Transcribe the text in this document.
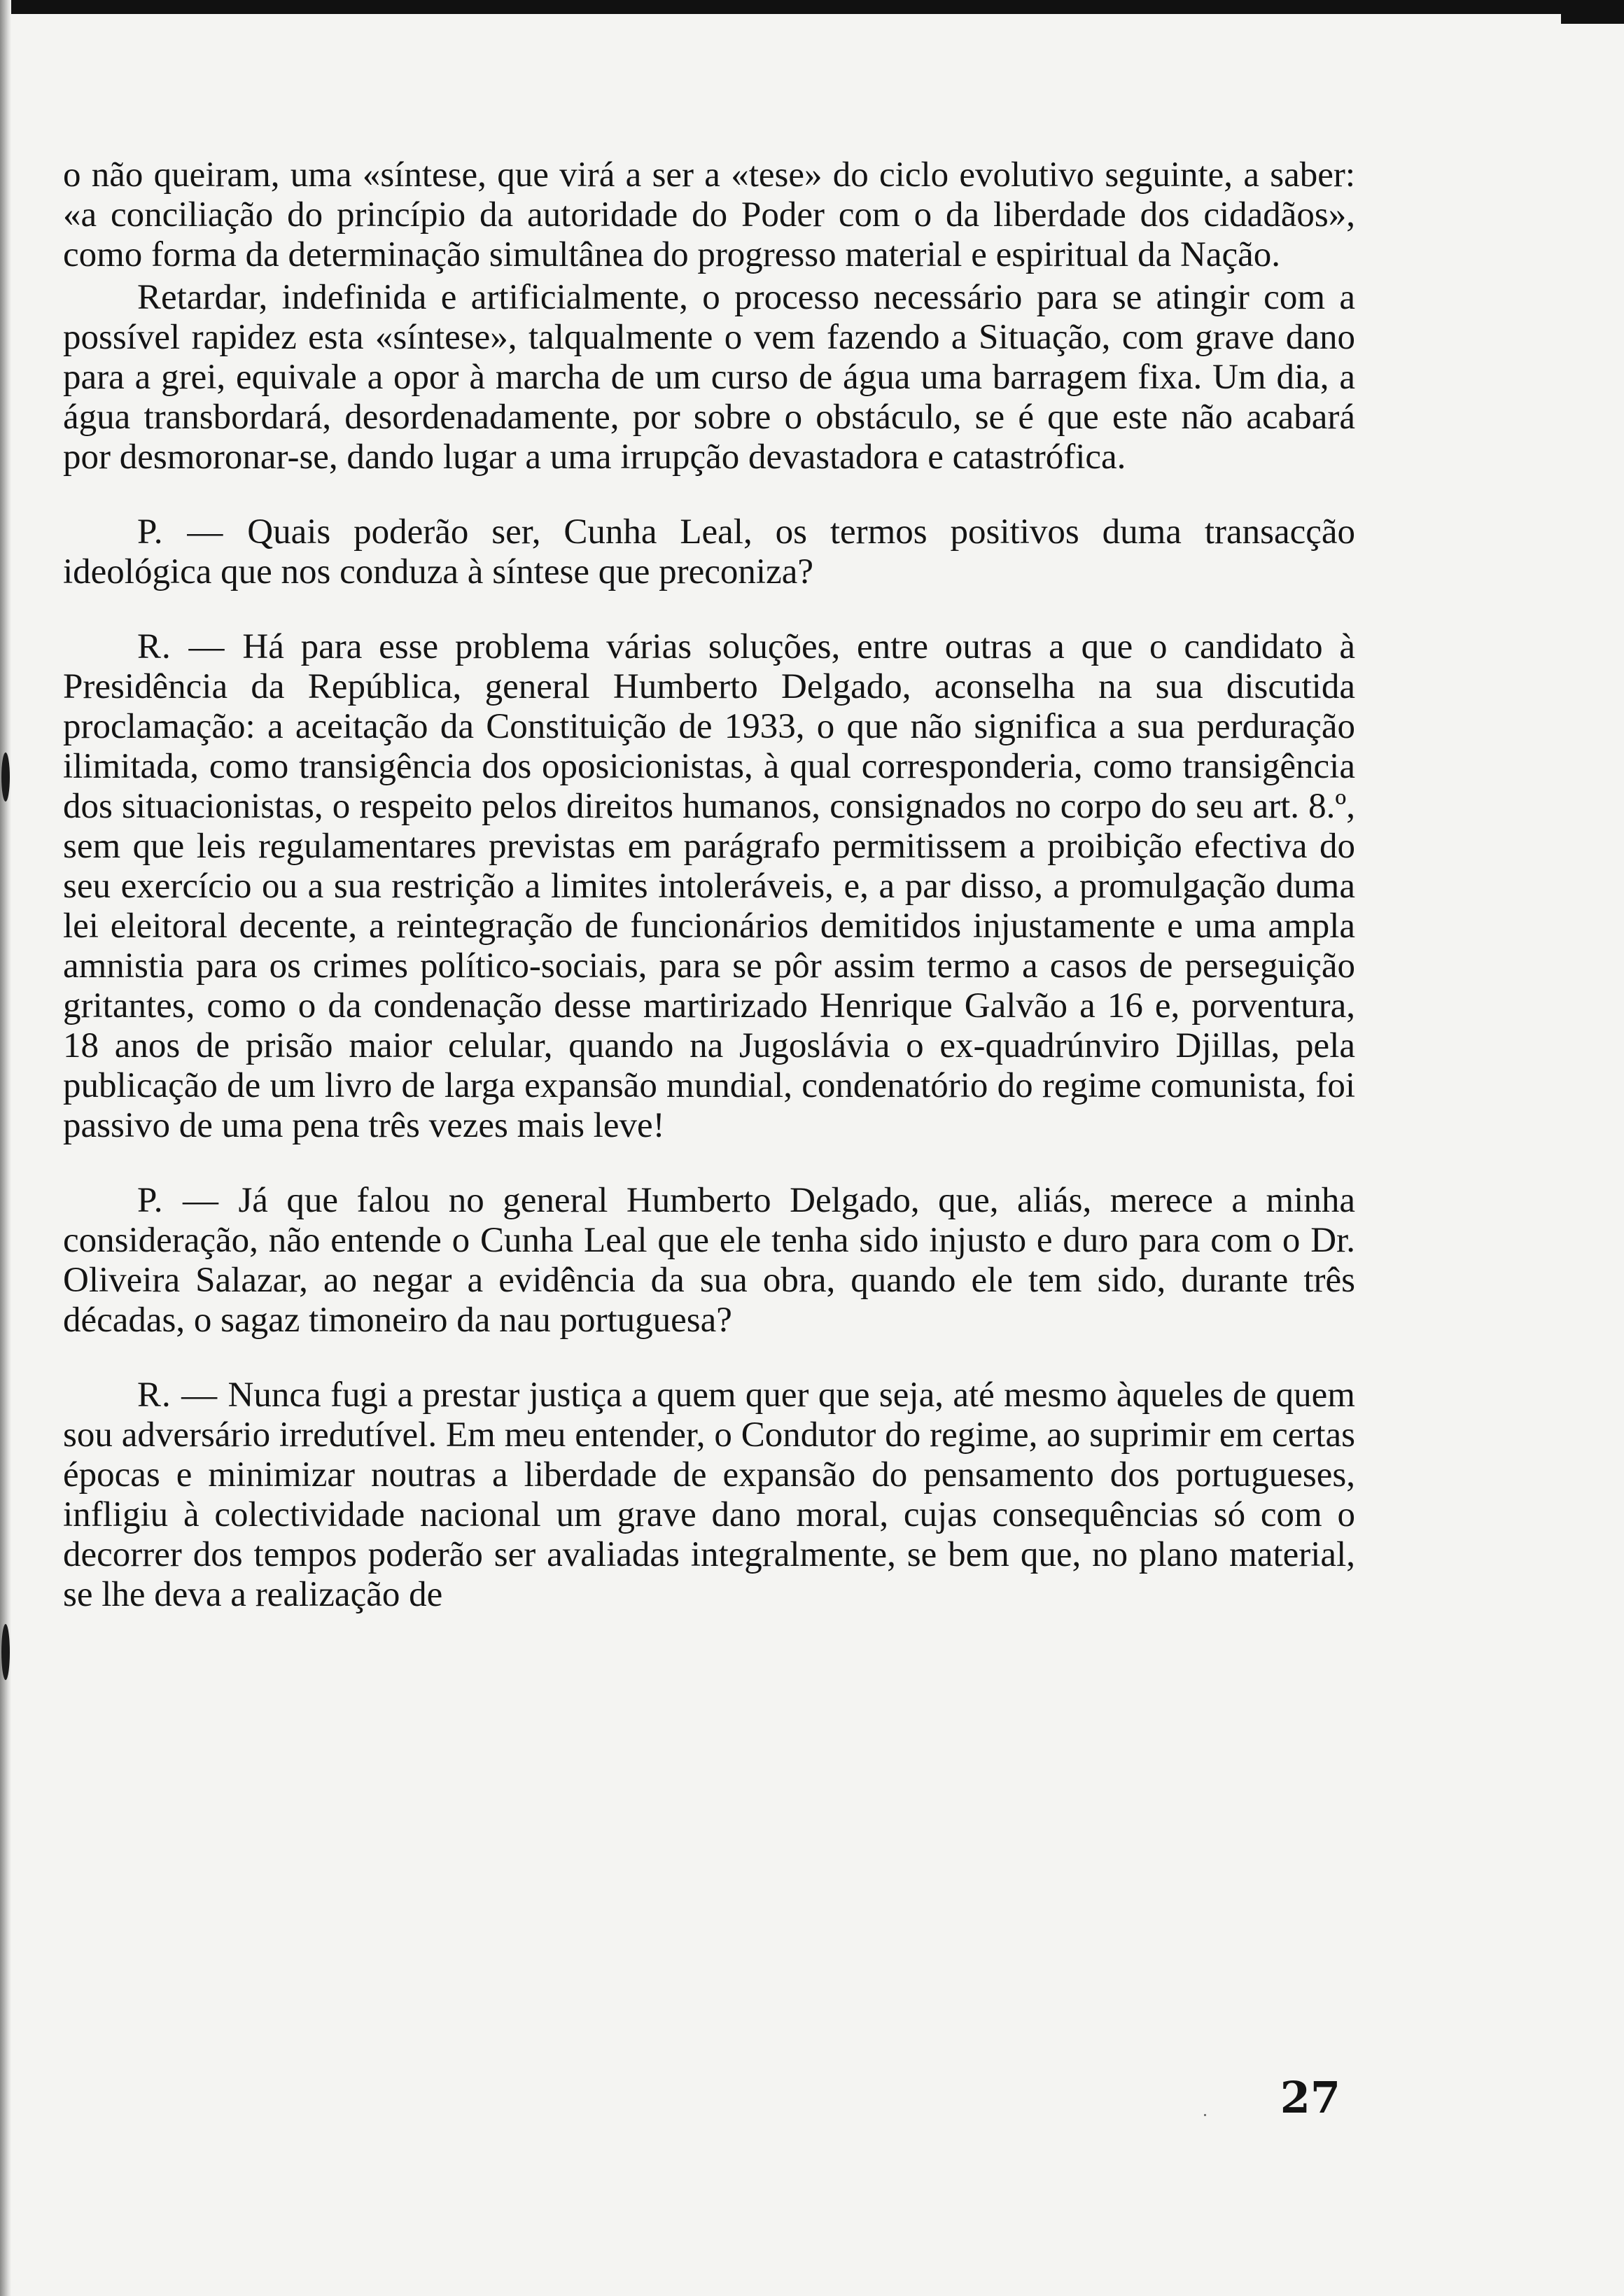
o não queiram, uma «síntese, que virá a ser a «tese» do ciclo evolutivo seguinte, a saber: «a conciliação do princípio da autoridade do Poder com o da liberdade dos cidadãos», como forma da determinação simultânea do progresso material e espiritual da Nação.

Retardar, indefinida e artificialmente, o processo necessário para se atingir com a possível rapidez esta «síntese», talqualmente o vem fazendo a Situação, com grave dano para a grei, equivale a opor à marcha de um curso de água uma barragem fixa. Um dia, a água transbordará, desordenadamente, por sobre o obstáculo, se é que este não acabará por desmoronar-se, dando lugar a uma irrupção devastadora e catastrófica.

P. — Quais poderão ser, Cunha Leal, os termos positivos duma transacção ideológica que nos conduza à síntese que preconiza?

R. — Há para esse problema várias soluções, entre outras a que o candidato à Presidência da República, general Humberto Delgado, aconselha na sua discutida proclamação: a aceitação da Constituição de 1933, o que não significa a sua perduração ilimitada, como transigência dos oposicionistas, à qual corresponderia, como transigência dos situacionistas, o respeito pelos direitos humanos, consignados no corpo do seu art. 8.º, sem que leis regulamentares previstas em parágrafo permitissem a proibição efectiva do seu exercício ou a sua restrição a limites intoleráveis, e, a par disso, a promulgação duma lei eleitoral decente, a reintegração de funcionários demitidos injustamente e uma ampla amnistia para os crimes político-sociais, para se pôr assim termo a casos de perseguição gritantes, como o da condenação desse martirizado Henrique Galvão a 16 e, porventura, 18 anos de prisão maior celular, quando na Jugoslávia o ex-quadrúnviro Djillas, pela publicação de um livro de larga expansão mundial, condenatório do regime comunista, foi passivo de uma pena três vezes mais leve!

P. — Já que falou no general Humberto Delgado, que, aliás, merece a minha consideração, não entende o Cunha Leal que ele tenha sido injusto e duro para com o Dr. Oliveira Salazar, ao negar a evidência da sua obra, quando ele tem sido, durante três décadas, o sagaz timoneiro da nau portuguesa?

R. — Nunca fugi a prestar justiça a quem quer que seja, até mesmo àqueles de quem sou adversário irredutível. Em meu entender, o Condutor do regime, ao suprimir em certas épocas e minimizar noutras a liberdade de expansão do pensamento dos portugueses, infligiu à colectividade nacional um grave dano moral, cujas consequências só com o decorrer dos tempos poderão ser avaliadas integralmente, se bem que, no plano material, se lhe deva a realização de

27
